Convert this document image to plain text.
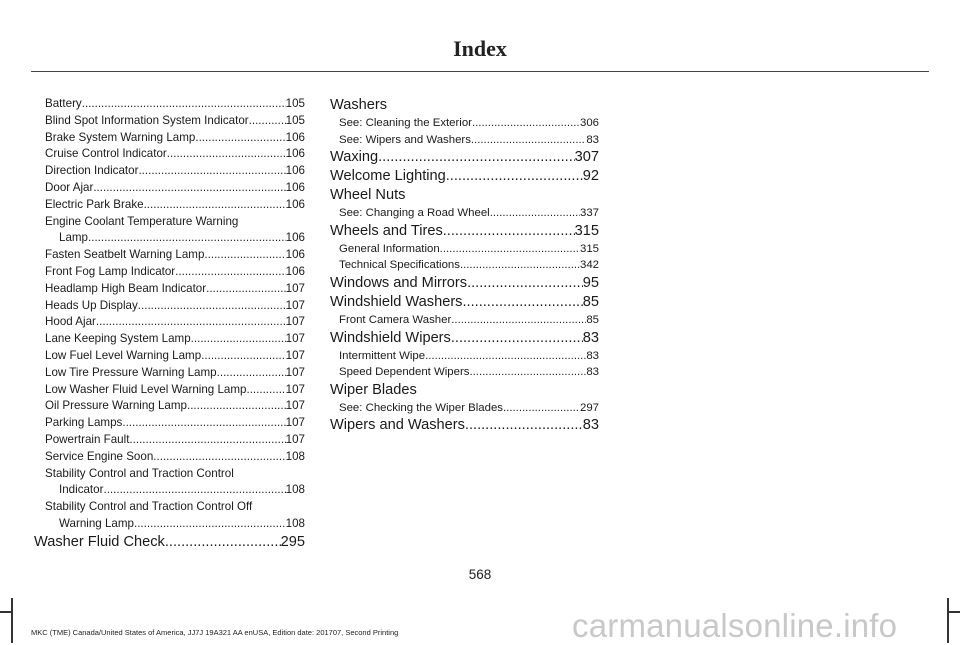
Index
Battery .....	105
Blind Spot Information System Indicator .....	105
Brake System Warning Lamp .....	106
Cruise Control Indicator .....	106
Direction Indicator .....	106
Door Ajar .....	106
Electric Park Brake .....	106
Engine Coolant Temperature Warning
Lamp .....	106
Fasten Seatbelt Warning Lamp .....	106
Front Fog Lamp Indicator .....	106
Headlamp High Beam Indicator .....	107
Heads Up Display .....	107
Hood Ajar .....	107
Lane Keeping System Lamp .....	107
Low Fuel Level Warning Lamp .....	107
Low Tire Pressure Warning Lamp .....	107
Low Washer Fluid Level Warning Lamp .....	107
Oil Pressure Warning Lamp .....	107
Parking Lamps .....	107
Powertrain Fault .....	107
Service Engine Soon .....	108
Stability Control and Traction Control
Indicator .....	108
Stability Control and Traction Control Off
Warning Lamp .....	108
Washer Fluid Check .....	295
Washers
See: Cleaning the Exterior .....	306
See: Wipers and Washers .....	83
Waxing .....	307
Welcome Lighting .....	92
Wheel Nuts
See: Changing a Road Wheel .....	337
Wheels and Tires .....	315
General Information .....	315
Technical Specifications .....	342
Windows and Mirrors .....	95
Windshield Washers .....	85
Front Camera Washer .....	85
Windshield Wipers .....	83
Intermittent Wipe .....	83
Speed Dependent Wipers .....	83
Wiper Blades
See: Checking the Wiper Blades .....	297
Wipers and Washers .....	83
568
carmanualsonline.info
MKC (TME) Canada/United States of America, JJ7J 19A321 AA enUSA, Edition date: 201707, Second Printing
